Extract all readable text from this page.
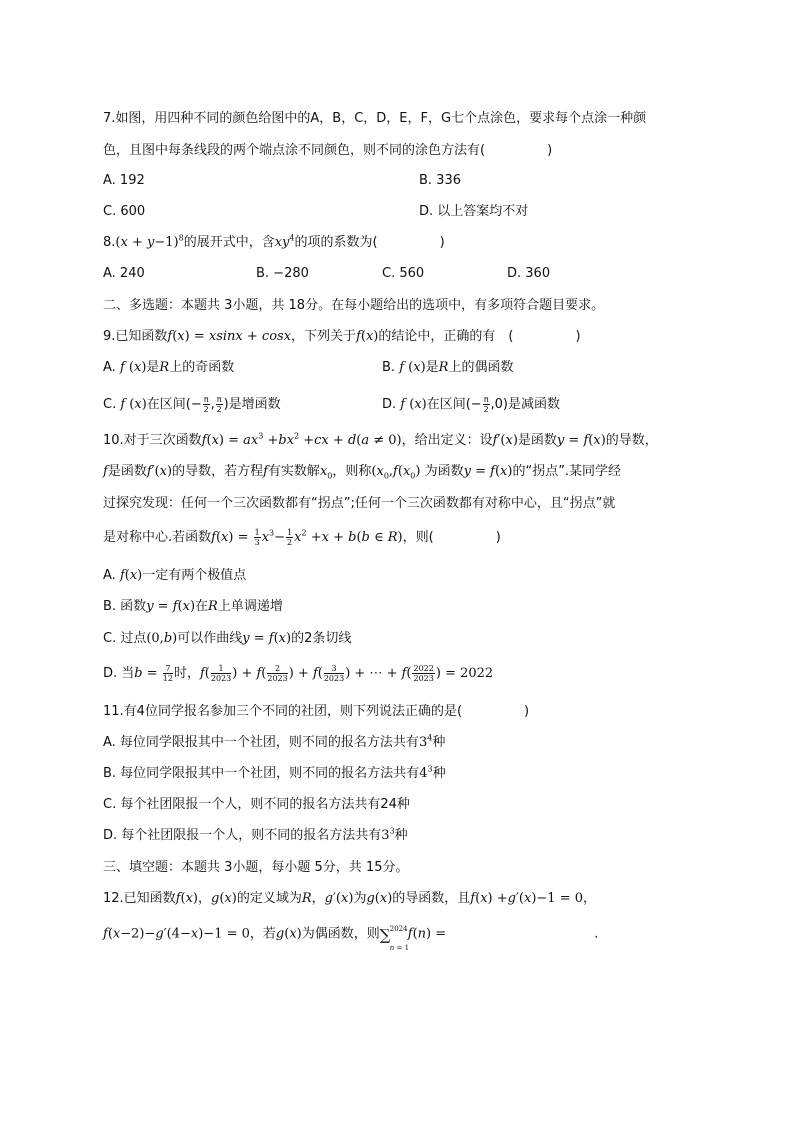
7.如图，用四种不同的颜色给图中的A，B，C，D，E，F，G七个点涂色，要求每个点涂一种颜
色，且图中每条线段的两个端点涂不同颜色，则不同的涂色方法有(	)
A. 192	B. 336
C. 600	D. 以上答案均不对
$8.(x + y-1)^8$的展开式中，含$xy^4$的项的系数为(	)
A. 240	B. −280	C. 560	D. 360
二、多选题：本题共 3小题，共 18分。在每小题给出的选项中，有多项符合题目要求。
9.已知函数f(x) = xsinx + cosx，下列关于f(x)的结论中，正确的有　(	)
A. f (x)是R上的奇函数	B. f (x)是R上的偶函数
C. f (x)在区间(− $\frac{\pi}{2}$ , $\frac{\pi}{2}$ )是增函数	D. f (x)在区间(− $\frac{\pi}{2} ,0$)是减函数
10.对于三次函数$f(x) = ax^3 +bx^2 +cx + d(a \ne 0)$，给出定义：设f′(x)是函数y = f(x)的导数，
f是函数f′(x)的导数，若方程f有实数解$x_0$，则称($x_0,f(x_0)$ 为函数y = f(x)的“拐点”.某同学经
过探究发现：任何一个三次函数都有“拐点”;任何一个三次函数都有对称中心，且“拐点”就
是对称中心.若函数$f(x) = \frac{1}{3} x^3- \frac{1}{2} x^2 +x + b(b$ ∈ R)，则(	)
A. f(x)一定有两个极值点
B. 函数y = f(x)在R上单调递增
C. 过点(0,b)可以作曲线y = f(x)的2条切线
D. 当$b = \frac{7}{12}$ 时，$f( \frac{1}{2023}$ ) + $f( \frac{2}{2023}$ ) + $f( \frac{3}{2023}$ ) + ⋯ + $f( \frac{2022}{2023}$ ) = 2022
11.有4位同学报名参加三个不同的社团，则下列说法正确的是(	)
A. 每位同学限报其中一个社团，则不同的报名方法共有$3^4$种
B. 每位同学限报其中一个社团，则不同的报名方法共有$4^3$种
C. 每个社团限报一个人，则不同的报名方法共有24种
D. 每个社团限报一个人，则不同的报名方法共有$3^3$种
三、填空题：本题共 3小题，每小题 5分，共 15分。
12.已知函数f(x)，g(x)的定义域为R，g′(x)为g(x)的导函数，且f(x) +g′(x)−1 = 0，
f(x−2)−g′(4−x)−1 = 0，若g(x)为偶函数，则 ∑ 2024
n = 1
f(n) =	.
